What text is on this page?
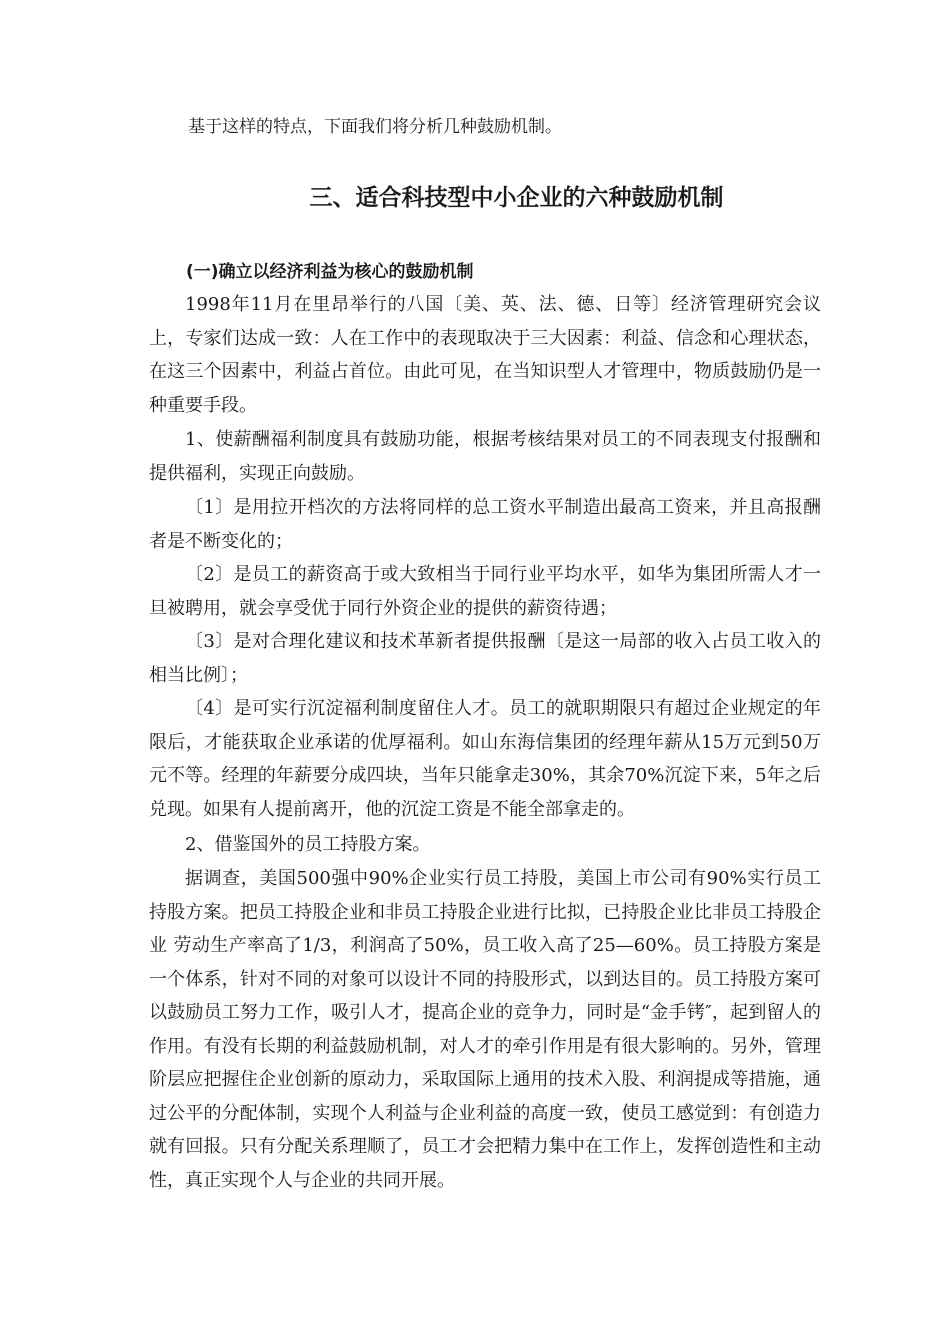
基于这样的特点，下面我们将分析几种鼓励机制。

三、适合科技型中小企业的六种鼓励机制
(一)确立以经济利益为核心的鼓励机制

1998年11月在里昂举行的八国〔美、英、法、德、日等〕经济管理研究会议上，专家们达成一致：人在工作中的表现取决于三大因素：利益、信念和心理状态，在这三个因素中，利益占首位。由此可见，在当知识型人才管理中，物质鼓励仍是一种重要手段。

1、使薪酬福利制度具有鼓励功能，根据考核结果对员工的不同表现支付报酬和提供福利，实现正向鼓励。

〔1〕是用拉开档次的方法将同样的总工资水平制造出最高工资来，并且高报酬者是不断变化的；

〔2〕是员工的薪资高于或大致相当于同行业平均水平，如华为集团所需人才一旦被聘用，就会享受优于同行外资企业的提供的薪资待遇；

〔3〕是对合理化建议和技术革新者提供报酬〔是这一局部的收入占员工收入的相当比例〕；

〔4〕是可实行沉淀福利制度留住人才。员工的就职期限只有超过企业规定的年限后，才能获取企业承诺的优厚福利。如山东海信集团的经理年薪从15万元到50万元不等。经理的年薪要分成四块，当年只能拿走30%，其余70%沉淀下来，5年之后兑现。如果有人提前离开，他的沉淀工资是不能全部拿走的。

2、借鉴国外的员工持股方案。

据调查，美国500强中90%企业实行员工持股，美国上市公司有90%实行员工持股方案。把员工持股企业和非员工持股企业进行比拟，已持股企业比非员工持股企业 劳动生产率高了1/3，利润高了50%，员工收入高了25—60%。员工持股方案是一个体系，针对不同的对象可以设计不同的持股形式，以到达目的。员工持股方案可以鼓励员工努力工作，吸引人才，提高企业的竞争力，同时是“金手铐″，起到留人的作用。有没有长期的利益鼓励机制，对人才的牵引作用是有很大影响的。另外，管理阶层应把握住企业创新的原动力，采取国际上通用的技术入股、利润提成等措施，通过公平的分配体制，实现个人利益与企业利益的高度一致，使员工感觉到：有创造力就有回报。只有分配关系理顺了，员工才会把精力集中在工作上，发挥创造性和主动性，真正实现个人与企业的共同开展。
